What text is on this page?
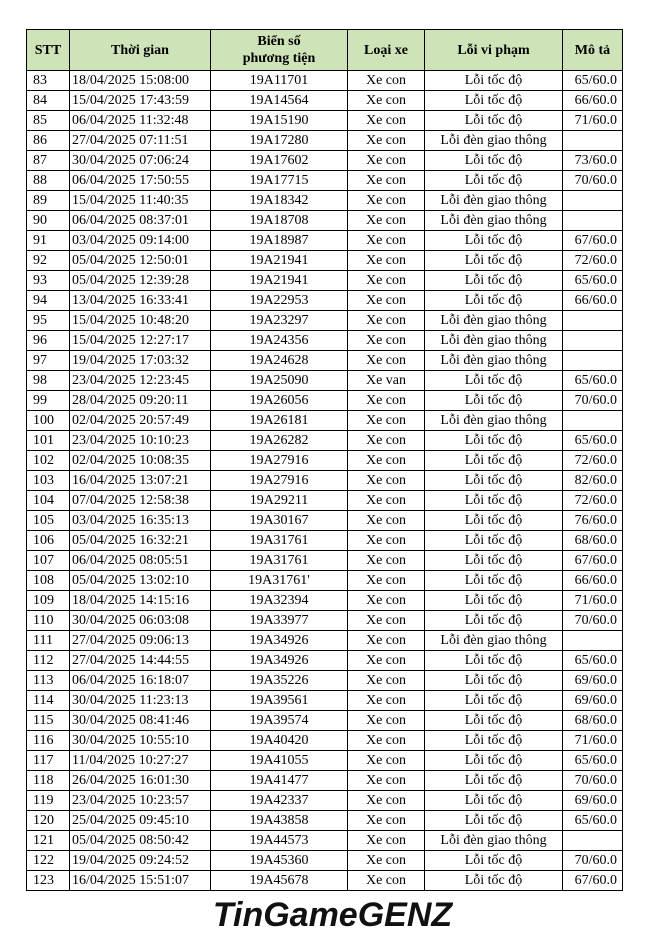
STT	Thời gian	Biển số
phương tiện	Loại xe	Lỗi vi phạm	Mô tả
83	18/04/2025 15:08:00	19A11701	Xe con	Lỗi tốc độ	65/60.0
84	15/04/2025 17:43:59	19A14564	Xe con	Lỗi tốc độ	66/60.0
85	06/04/2025 11:32:48	19A15190	Xe con	Lỗi tốc độ	71/60.0
86	27/04/2025 07:11:51	19A17280	Xe con	Lỗi đèn giao thông	
87	30/04/2025 07:06:24	19A17602	Xe con	Lỗi tốc độ	73/60.0
88	06/04/2025 17:50:55	19A17715	Xe con	Lỗi tốc độ	70/60.0
89	15/04/2025 11:40:35	19A18342	Xe con	Lỗi đèn giao thông	
90	06/04/2025 08:37:01	19A18708	Xe con	Lỗi đèn giao thông	
91	03/04/2025 09:14:00	19A18987	Xe con	Lỗi tốc độ	67/60.0
92	05/04/2025 12:50:01	19A21941	Xe con	Lỗi tốc độ	72/60.0
93	05/04/2025 12:39:28	19A21941	Xe con	Lỗi tốc độ	65/60.0
94	13/04/2025 16:33:41	19A22953	Xe con	Lỗi tốc độ	66/60.0
95	15/04/2025 10:48:20	19A23297	Xe con	Lỗi đèn giao thông	
96	15/04/2025 12:27:17	19A24356	Xe con	Lỗi đèn giao thông	
97	19/04/2025 17:03:32	19A24628	Xe con	Lỗi đèn giao thông	
98	23/04/2025 12:23:45	19A25090	Xe van	Lỗi tốc độ	65/60.0
99	28/04/2025 09:20:11	19A26056	Xe con	Lỗi tốc độ	70/60.0
100	02/04/2025 20:57:49	19A26181	Xe con	Lỗi đèn giao thông	
101	23/04/2025 10:10:23	19A26282	Xe con	Lỗi tốc độ	65/60.0
102	02/04/2025 10:08:35	19A27916	Xe con	Lỗi tốc độ	72/60.0
103	16/04/2025 13:07:21	19A27916	Xe con	Lỗi tốc độ	82/60.0
104	07/04/2025 12:58:38	19A29211	Xe con	Lỗi tốc độ	72/60.0
105	03/04/2025 16:35:13	19A30167	Xe con	Lỗi tốc độ	76/60.0
106	05/04/2025 16:32:21	19A31761	Xe con	Lỗi tốc độ	68/60.0
107	06/04/2025 08:05:51	19A31761	Xe con	Lỗi tốc độ	67/60.0
108	05/04/2025 13:02:10	19A31761'	Xe con	Lỗi tốc độ	66/60.0
109	18/04/2025 14:15:16	19A32394	Xe con	Lỗi tốc độ	71/60.0
110	30/04/2025 06:03:08	19A33977	Xe con	Lỗi tốc độ	70/60.0
111	27/04/2025 09:06:13	19A34926	Xe con	Lỗi đèn giao thông	
112	27/04/2025 14:44:55	19A34926	Xe con	Lỗi tốc độ	65/60.0
113	06/04/2025 16:18:07	19A35226	Xe con	Lỗi tốc độ	69/60.0
114	30/04/2025 11:23:13	19A39561	Xe con	Lỗi tốc độ	69/60.0
115	30/04/2025 08:41:46	19A39574	Xe con	Lỗi tốc độ	68/60.0
116	30/04/2025 10:55:10	19A40420	Xe con	Lỗi tốc độ	71/60.0
117	11/04/2025 10:27:27	19A41055	Xe con	Lỗi tốc độ	65/60.0
118	26/04/2025 16:01:30	19A41477	Xe con	Lỗi tốc độ	70/60.0
119	23/04/2025 10:23:57	19A42337	Xe con	Lỗi tốc độ	69/60.0
120	25/04/2025 09:45:10	19A43858	Xe con	Lỗi tốc độ	65/60.0
121	05/04/2025 08:50:42	19A44573	Xe con	Lỗi đèn giao thông	
122	19/04/2025 09:24:52	19A45360	Xe con	Lỗi tốc độ	70/60.0
123	16/04/2025 15:51:07	19A45678	Xe con	Lỗi tốc độ	67/60.0
TinGameGENZ
